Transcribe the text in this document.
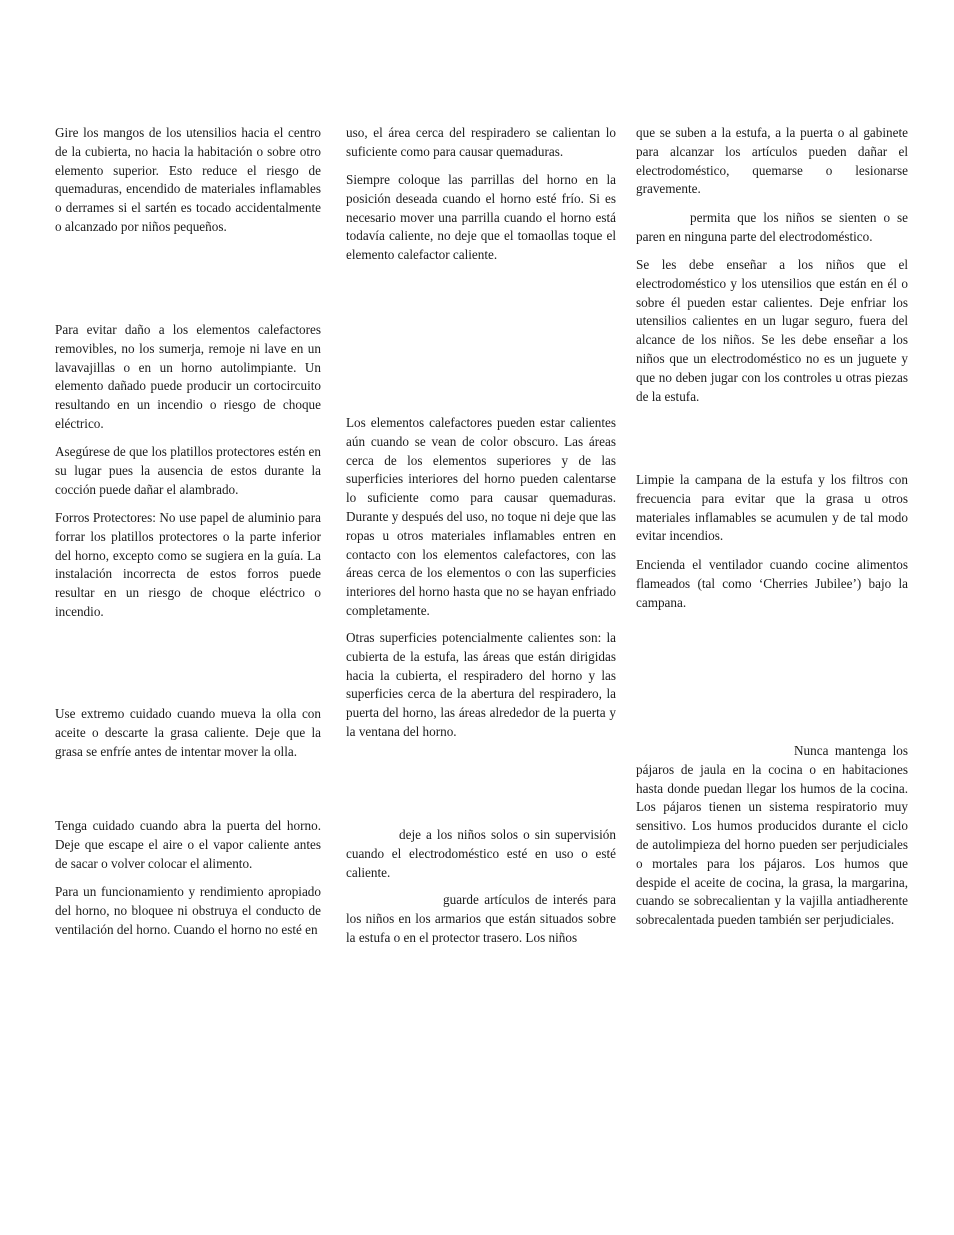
Gire los mangos de los utensilios hacia el centro de la cubierta, no hacia la habitación o sobre otro elemento superior. Esto reduce el riesgo de quemaduras, encendido de materiales inflamables o derrames si el sartén es tocado accidentalmente o alcanzado por niños pequeños.

Para evitar daño a los elementos calefactores removibles, no los sumerja, remoje ni lave en un lavavajillas o en un horno autolimpiante. Un elemento dañado puede producir un cortocircuito resultando en un incendio o riesgo de choque eléctrico.

Asegúrese de que los platillos protectores estén en su lugar pues la ausencia de estos durante la cocción puede dañar el alambrado.

Forros Protectores: No use papel de aluminio para forrar los platillos protectores o la parte inferior del horno, excepto como se sugiera en la guía. La instalación incorrecta de estos forros puede resultar en un riesgo de choque eléctrico o incendio.

Use extremo cuidado cuando mueva la olla con aceite o descarte la grasa caliente. Deje que la grasa se enfríe antes de intentar mover la olla.

Tenga cuidado cuando abra la puerta del horno. Deje que escape el aire o el vapor caliente antes de sacar o volver colocar el alimento.

Para un funcionamiento y rendimiento apropiado del horno, no bloquee ni obstruya el conducto de ventilación del horno. Cuando el horno no esté en

uso, el área cerca del respiradero se calientan lo suficiente como para causar quemaduras.

Siempre coloque las parrillas del horno en la posición deseada cuando el horno esté frío. Si es necesario mover una parrilla cuando el horno está todavía caliente, no deje que el tomaollas toque el elemento calefactor caliente.

Los elementos calefactores pueden estar calientes aún cuando se vean de color obscuro. Las áreas cerca de los elementos superiores y de las superficies interiores del horno pueden calentarse lo suficiente como para causar quemaduras. Durante y después del uso, no toque ni deje que las ropas u otros materiales inflamables entren en contacto con los elementos calefactores, con las áreas cerca de los elementos o con las superficies interiores del horno hasta que no se hayan enfriado completamente.

Otras superficies potencialmente calientes son: la cubierta de la estufa, las áreas que están dirigidas hacia la cubierta, el respiradero del horno y las superficies cerca de la abertura del respiradero, la puerta del horno, las áreas alrededor de la puerta y la ventana del horno.

deje a los niños solos o sin supervisión cuando el electrodoméstico esté en uso o esté caliente.

guarde artículos de interés para los niños en los armarios que están situados sobre la estufa o en el protector trasero. Los niños

que se suben a la estufa, a la puerta o al gabinete para alcanzar los artículos pueden dañar el electrodoméstico, quemarse o lesionarse gravemente.

permita que los niños se sienten o se paren en ninguna parte del electrodoméstico.

Se les debe enseñar a los niños que el electrodoméstico y los utensilios que están en él o sobre él pueden estar calientes. Deje enfriar los utensilios calientes en un lugar seguro, fuera del alcance de los niños. Se les debe enseñar a los niños que un electrodoméstico no es un juguete y que no deben jugar con los controles u otras piezas de la estufa.

Limpie la campana de la estufa y los filtros con frecuencia para evitar que la grasa u otros materiales inflamables se acumulen y de tal modo evitar incendios.

Encienda el ventilador cuando cocine alimentos flameados (tal como ‘Cherries Jubilee’) bajo la campana.

Nunca mantenga los pájaros de jaula en la cocina o en habitaciones hasta donde puedan llegar los humos de la cocina. Los pájaros tienen un sistema respiratorio muy sensitivo. Los humos producidos durante el ciclo de autolimpieza del horno pueden ser perjudiciales o mortales para los pájaros. Los humos que despide el aceite de cocina, la grasa, la margarina, cuando se sobrecalientan y la vajilla antiadherente sobrecalentada pueden también ser perjudiciales.
